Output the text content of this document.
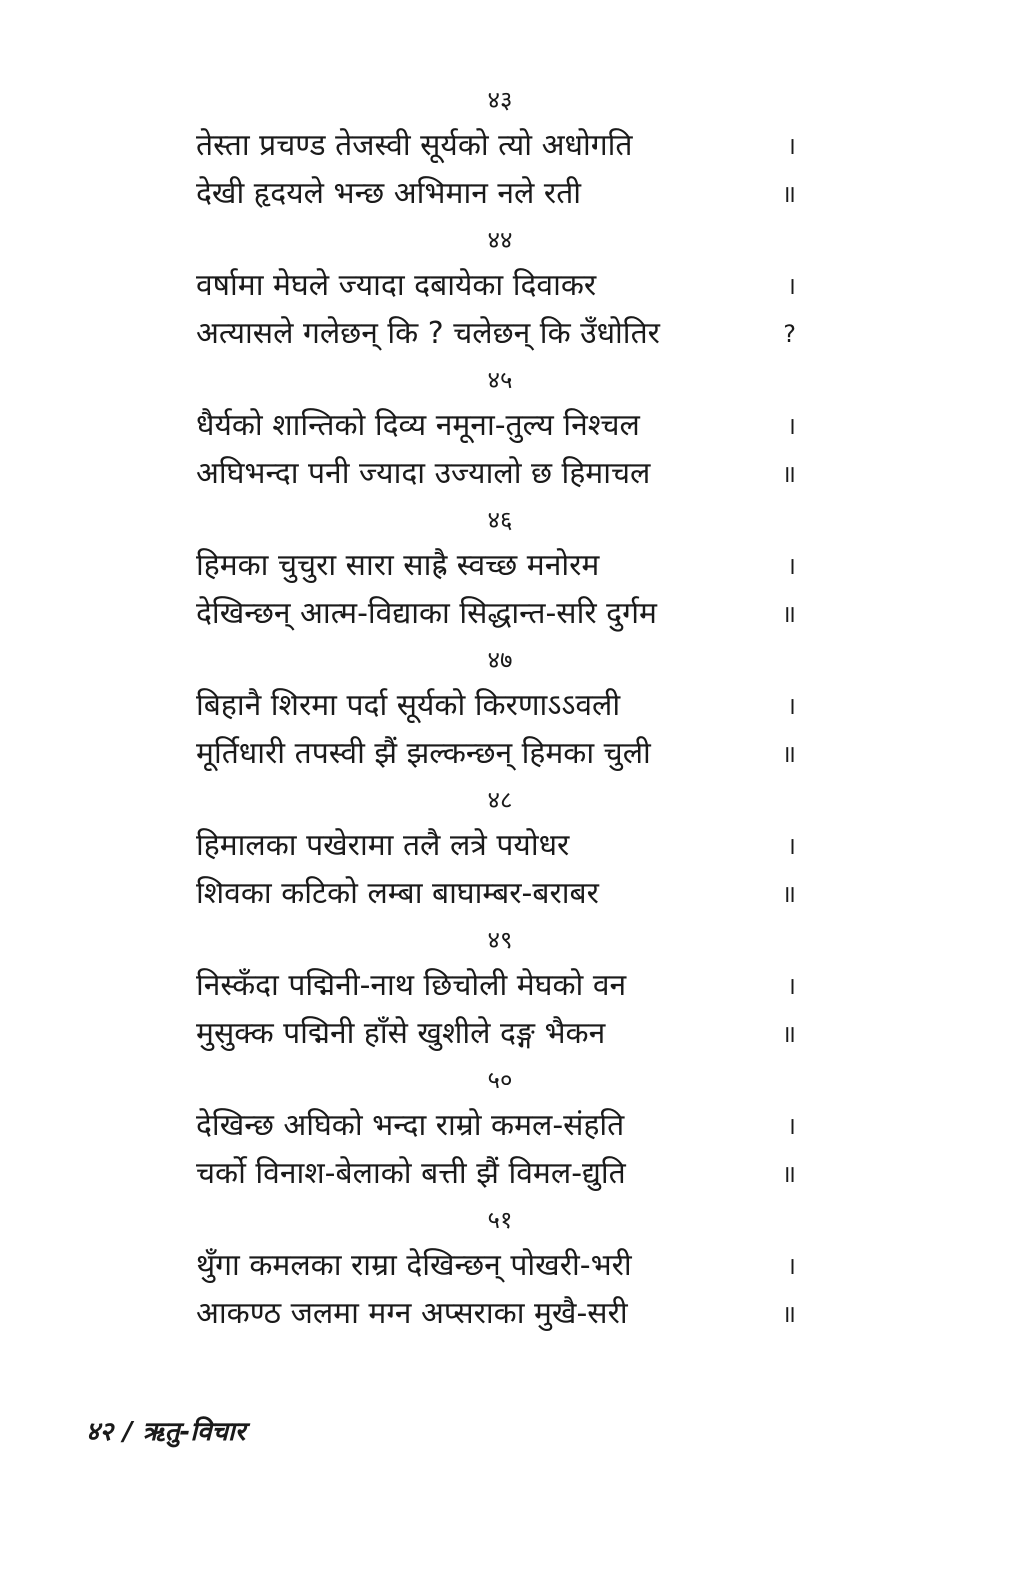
४३
तेस्ता प्रचण्ड तेजस्वी सूर्यको त्यो अधोगति	।
देखी हृदयले भन्छ अभिमान नले रती	॥
४४
वर्षामा मेघले ज्यादा दबायेका दिवाकर	।
अत्यासले गलेछन् कि ? चलेछन् कि उँधोतिर	?
४५
धैर्यको शान्तिको दिव्य नमूना-तुल्य निश्चल	।
अघिभन्दा पनी ज्यादा उज्यालो छ हिमाचल	॥
४६
हिमका चुचुरा सारा साह्रै स्वच्छ मनोरम	।
देखिन्छन् आत्म-विद्याका सिद्धान्त-सरि दुर्गम	॥
४७
बिहानै शिरमा पर्दा सूर्यको किरणाऽऽवली	।
मूर्तिधारी तपस्वी झैं झल्कन्छन् हिमका चुली	॥
४८
हिमालका पखेरामा तलै लत्रे पयोधर	।
शिवका कटिको लम्बा बाघाम्बर-बराबर	॥
४९
निस्कँदा पद्मिनी-नाथ छिचोली मेघको वन	।
मुसुक्क पद्मिनी हाँसे खुशीले दङ्ग भैकन	॥
५०
देखिन्छ अघिको भन्दा राम्रो कमल-संहति	।
चर्को विनाश-बेलाको बत्ती झैं विमल-द्युति	॥
५१
थुँगा कमलका राम्रा देखिन्छन् पोखरी-भरी	।
आकण्ठ जलमा मग्न अप्सराका मुखै-सरी	॥
४२ / ऋतु-विचार
